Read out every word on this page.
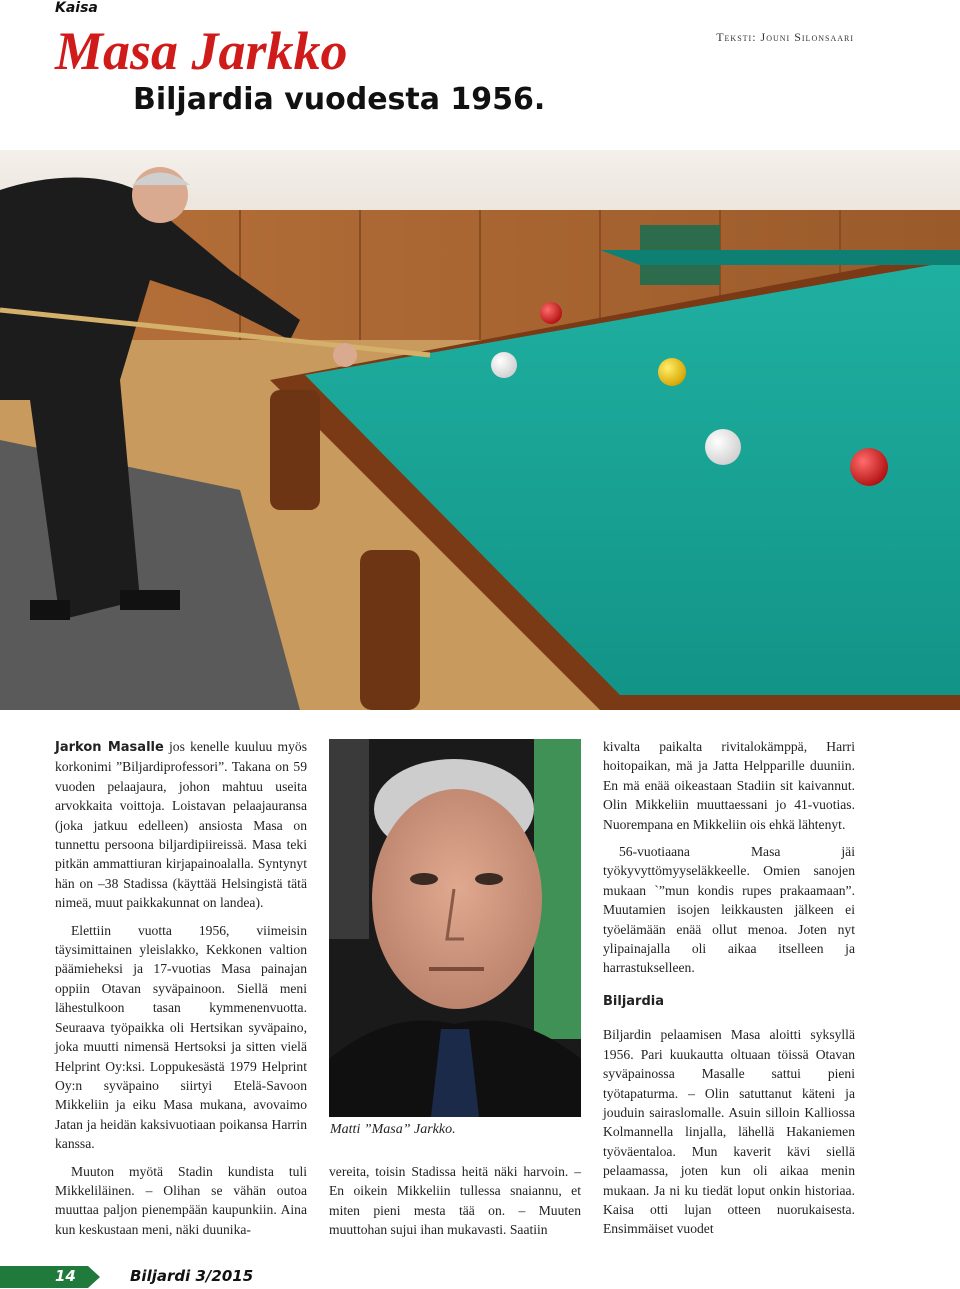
Kaisa
Teksti: Jouni Silonsaari
Masa Jarkko
Biljardia vuodesta 1956.
Matti ”Masa” Jarkko.

Jarkon Masalle jos kenelle kuuluu myös korkonimi ”Biljardiprofessori”. Takana on 59 vuoden pelaajaura, johon mahtuu useita arvokkaita voittoja. Loistavan pelaajauransa (joka jatkuu edelleen) ansiosta Masa on tunnettu persoona biljardipiireissä. Masa teki pitkän ammattiuran kirjapainoalalla. Syntynyt hän on –38 Stadissa (käyttää Helsingistä tätä nimeä, muut paikkakunnat on landea).

Elettiin vuotta 1956, viimeisin täysimittainen yleislakko, Kekkonen valtion päämieheksi ja 17-vuotias Masa painajan oppiin Otavan syväpainoon. Siellä meni lähestulkoon tasan kymmenenvuotta. Seuraava työpaikka oli Hertsikan syväpaino, joka muutti nimensä Hertsoksi ja sitten vielä Helprint Oy:ksi. Loppukesästä 1979 Helprint Oy:n syväpaino siirtyi Etelä-Savoon Mikkeliin ja eiku Masa mukana, avovaimo Jatan ja heidän kaksivuotiaan poikansa Harrin kanssa.

Muuton myötä Stadin kundista tuli Mikkeliläinen. – Olihan se vähän outoa muuttaa paljon pienempään kaupunkiin. Aina kun keskustaan meni, näki duunika-

vereita, toisin Stadissa heitä näki harvoin. – En oikein Mikkeliin tullessa snaiannu, et miten pieni mesta tää on. – Muuten muuttohan sujui ihan mukavasti. Saatiin

kivalta paikalta rivitalokämppä, Harri hoitopaikan, mä ja Jatta Helpparille duuniin. En mä enää oikeastaan Stadiin sit kaivannut. Olin Mikkeliin muuttaessani jo 41-vuotias. Nuorempana en Mikkeliin ois ehkä lähtenyt.

56-vuotiaana Masa jäi työkyvyttömyyseläkkeelle. Omien sanojen mukaan `”mun kondis rupes prakaamaan”. Muutamien isojen leikkausten jälkeen ei työelämään enää ollut menoa. Joten nyt ylipainajalla oli aikaa itselleen ja harrastukselleen.

Biljardia

Biljardin pelaamisen Masa aloitti syksyllä 1956. Pari kuukautta oltuaan töissä Otavan syväpainossa Masalle sattui pieni työtapaturma. – Olin satuttanut käteni ja jouduin sairaslomalle. Asuin silloin Kalliossa Kolmannella linjalla, lähellä Hakaniemen työväentaloa. Mun kaverit kävi siellä pelaamassa, joten kun oli aikaa menin mukaan. Ja ni ku tiedät loput onkin historiaa. Kaisa otti lujan otteen nuorukaisesta. Ensimmäiset vuodet

14	Biljardi 3/2015
